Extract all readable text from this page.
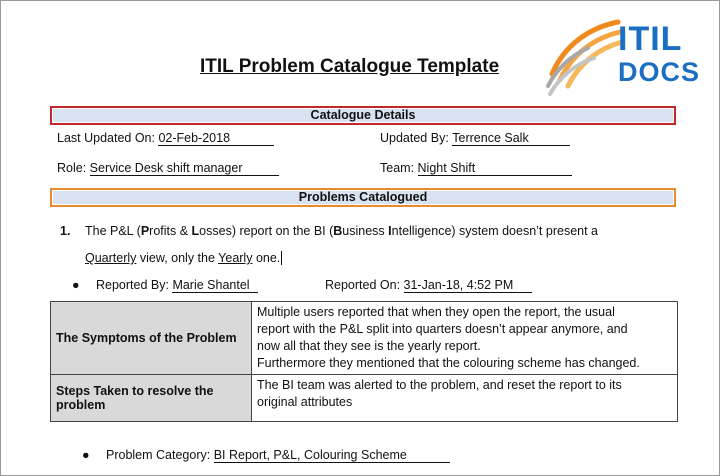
ITIL Problem Catalogue Template
ITIL
DOCS
Catalogue Details
Last Updated On: 02-Feb-2018	Updated By: Terrence Salk
Role: Service Desk shift manager	Team: Night Shift
Problems Catalogued
1. The P&L (Profits & Losses) report on the BI (Business Intelligence) system doesn’t present a
Quarterly view, only the Yearly one.
● Reported By: Marie Shantel	Reported On: 31-Jan-18, 4:52 PM
The Symptoms of the Problem	Multiple users reported that when they open the report, the usual
report with the P&L split into quarters doesn’t appear anymore, and
now all that they see is the yearly report.
Furthermore they mentioned that the colouring scheme has changed.

Steps Taken to resolve the problem	The BI team was alerted to the problem, and reset the report to its
original attributes
● Problem Category: BI Report, P&L, Colouring Scheme
